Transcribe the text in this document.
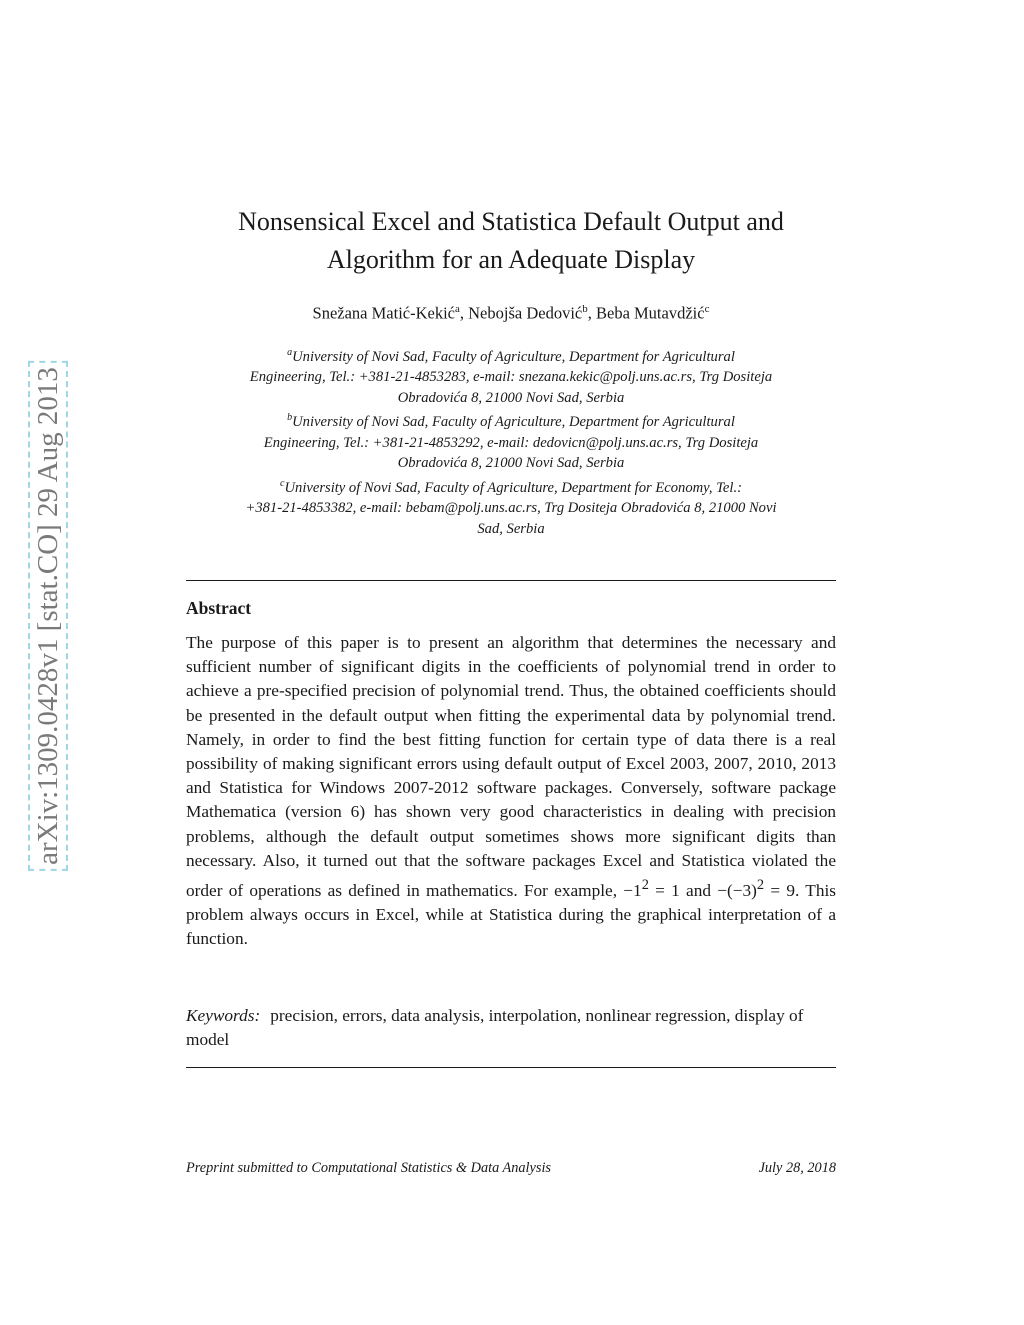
arXiv:1309.0428v1 [stat.CO] 29 Aug 2013
Nonsensical Excel and Statistica Default Output and
Algorithm for an Adequate Display
Snežana Matić-Kekić$^a$, Nebojša Dedović$^b$, Beba Mutavdžić$^c$
$^a$University of Novi Sad, Faculty of Agriculture, Department for Agricultural
Engineering, Tel.: +381-21-4853283, e-mail: snezana.kekic@polj.uns.ac.rs, Trg Dositeja
Obradovića 8, 21000 Novi Sad, Serbia
$^b$University of Novi Sad, Faculty of Agriculture, Department for Agricultural
Engineering, Tel.: +381-21-4853292, e-mail: dedovicn@polj.uns.ac.rs, Trg Dositeja
Obradovića 8, 21000 Novi Sad, Serbia
$^c$University of Novi Sad, Faculty of Agriculture, Department for Economy, Tel.:
+381-21-4853382, e-mail: bebam@polj.uns.ac.rs, Trg Dositeja Obradovića 8, 21000 Novi
Sad, Serbia
Abstract
The purpose of this paper is to present an algorithm that determines the necessary and sufficient number of significant digits in the coefficients of polynomial trend in order to achieve a pre-specified precision of polynomial trend. Thus, the obtained coefficients should be presented in the default output when fitting the experimental data by polynomial trend. Namely, in order to find the best fitting function for certain type of data there is a real possibility of making significant errors using default output of Excel 2003, 2007, 2010, 2013 and Statistica for Windows 2007-2012 software packages. Conversely, software package Mathematica (version 6) has shown very good characteristics in dealing with precision problems, although the default output sometimes shows more significant digits than necessary. Also, it turned out that the software packages Excel and Statistica violated the order of operations as defined in mathematics. For example, $-1^2 = 1$ and $-(-3)^2 = 9$. This problem always occurs in Excel, while at Statistica during the graphical interpretation of a function.
Keywords: precision, errors, data analysis, interpolation, nonlinear regression, display of model
Preprint submitted to Computational Statistics & Data Analysis	July 28, 2018
